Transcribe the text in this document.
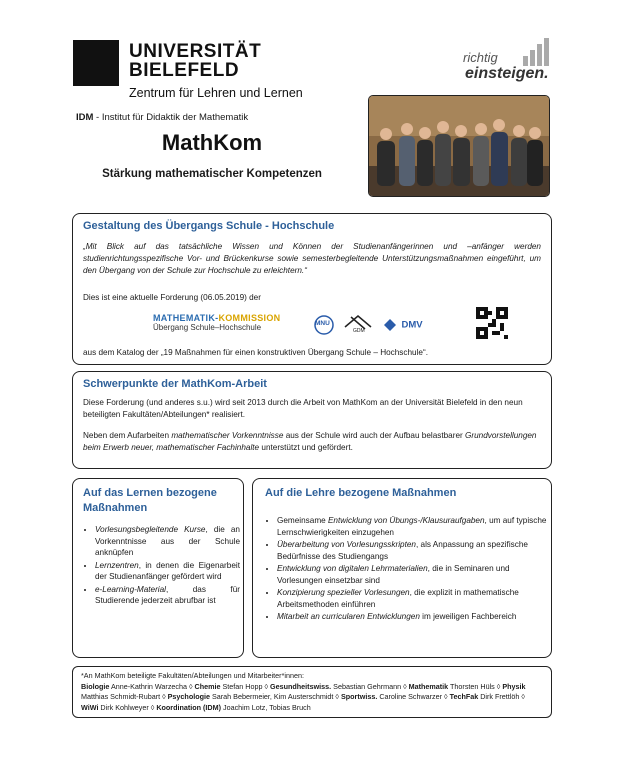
UNIVERSITÄT
BIELEFELD
Zentrum für Lehren und Lernen
richtig
einsteigen.
IDM - Institut für Didaktik der Mathematik
MathKom
Stärkung mathematischer Kompetenzen
Gestaltung des Übergangs Schule - Hochschule
„Mit Blick auf das tatsächliche Wissen und Können der Studienanfängerinnen und –anfänger werden studienrichtungsspezifische Vor- und Brückenkurse sowie semesterbegleitende Unterstützungsmaßnahmen eingeführt, um den Übergang von der Schule zur Hochschule zu erleichtern.“
Dies ist eine aktuelle Forderung (06.05.2019) der
MATHEMATIK-KOMMISSION
Übergang Schule–Hochschule	MNU
GDM
DMV
aus dem Katalog der „19 Maßnahmen für einen konstruktiven Übergang Schule – Hochschule“.
Schwerpunkte der MathKom-Arbeit
Diese Forderung (und anderes s.u.) wird seit 2013 durch die Arbeit von MathKom an der Universität Bielefeld in den neun beteiligten Fakultäten/Abteilungen* realisiert.
Neben dem Aufarbeiten mathematischer Vorkenntnisse aus der Schule wird auch der Aufbau belastbarer Grundvorstellungen beim Erwerb neuer, mathematischer Fachinhalte unterstützt und gefördert.
Auf das Lernen bezogene
Maßnahmen
• Vorlesungsbegleitende Kurse, die an Vorkenntnisse aus der Schule anknüpfen
• Lernzentren, in denen die Eigenarbeit der Studienanfänger gefördert wird
• e-Learning-Material, das für Studierende jederzeit abrufbar ist
Auf die Lehre bezogene Maßnahmen
• Gemeinsame Entwicklung von Übungs-/Klausuraufgaben, um auf typische Lernschwierigkeiten einzugehen
• Überarbeitung von Vorlesungsskripten, als Anpassung an spezifische Bedürfnisse des Studiengangs
• Entwicklung von digitalen Lehrmaterialien, die in Seminaren und Vorlesungen einsetzbar sind
• Konzipierung spezieller Vorlesungen, die explizit in mathematische Arbeitsmethoden einführen
• Mitarbeit an curricularen Entwicklungen im jeweiligen Fachbereich
*An MathKom beteiligte Fakultäten/Abteilungen und Mitarbeiter*innen:
Biologie Anne-Kathrin Warzecha ◊ Chemie Stefan Hopp ◊ Gesundheitswiss. Sebastian Gehrmann ◊ Mathematik Thorsten Hüls ◊ Physik Matthias Schmidt-Rubart ◊ Psychologie Sarah Bebermeier, Kim Austerschmidt ◊ Sportwiss. Caroline Schwarzer ◊ TechFak Dirk Frettlöh ◊ WiWi Dirk Kohlweyer ◊ Koordination (IDM) Joachim Lotz, Tobias Bruch
